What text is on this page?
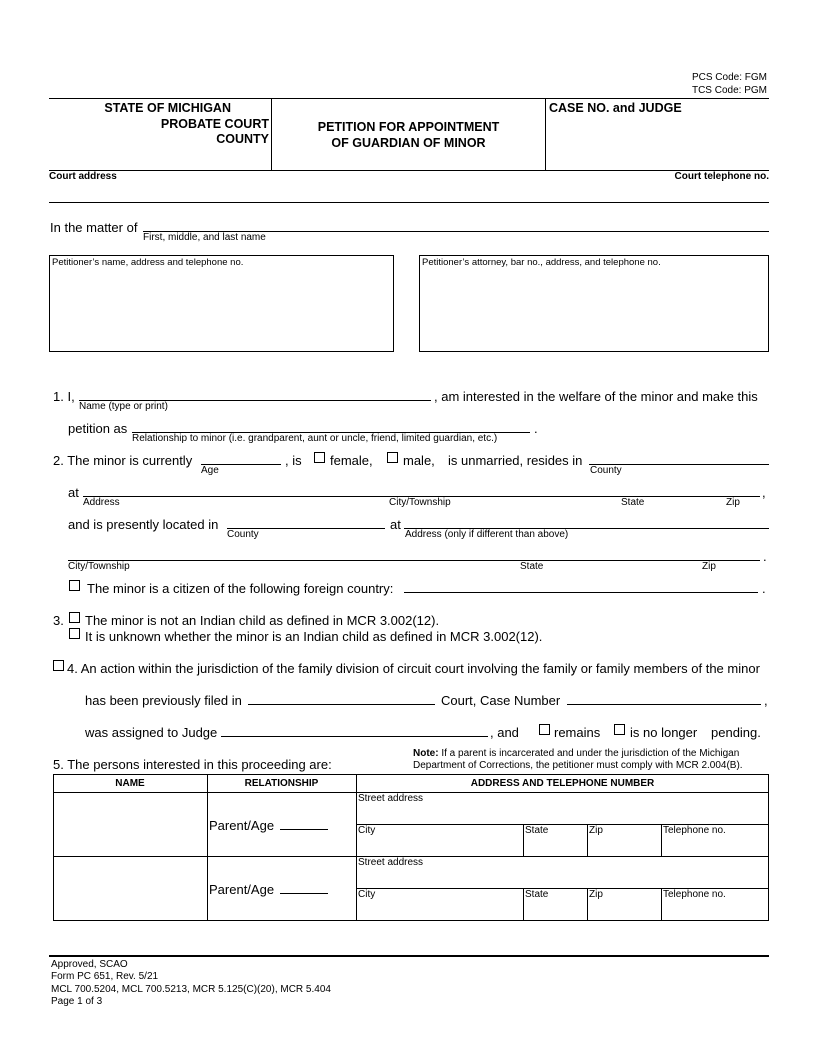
PCS Code: FGM
TCS Code: PGM
STATE OF MICHIGAN
PROBATE COURT
COUNTY
PETITION FOR APPOINTMENT
OF GUARDIAN OF MINOR
CASE NO. and JUDGE
Court address	Court telephone no.
In the matter of
First, middle, and last name
Petitioner’s name, address and telephone no.	Petitioner’s attorney, bar no., address, and telephone no.
1. I,
Name (type or print)
, am interested in the welfare of the minor and make this
petition as
Relationship to minor (i.e. grandparent, aunt or uncle, friend, limited guardian, etc.)
.
2. The minor is currently
Age
, is female, male, is unmarried, resides in
County
at	,
Address	City/Township	State	Zip
and is presently located in
County
at
Address (only if different than above)
.
City/Township	State	Zip
The minor is a citizen of the following foreign country:	.
3. The minor is not an Indian child as defined in MCR 3.002(12).
It is unknown whether the minor is an Indian child as defined in MCR 3.002(12).
4. An action within the jurisdiction of the family division of circuit court involving the family or family members of the minor
has been previously filed in	Court, Case Number	,
was assigned to Judge	, and	remains is no longer pending.
5. The persons interested in this proceeding are:
Note: If a parent is incarcerated and under the jurisdiction of the Michigan
Department of Corrections, the petitioner must comply with MCR 2.004(B).
NAME	RELATIONSHIP	ADDRESS AND TELEPHONE NUMBER
Parent/Age
Street address
City	State	Zip	Telephone no.
Parent/Age
Street address
City	State	Zip	Telephone no.
Approved, SCAO
Form PC 651, Rev. 5/21
MCL 700.5204, MCL 700.5213, MCR 5.125(C)(20), MCR 5.404
Page 1 of 3
